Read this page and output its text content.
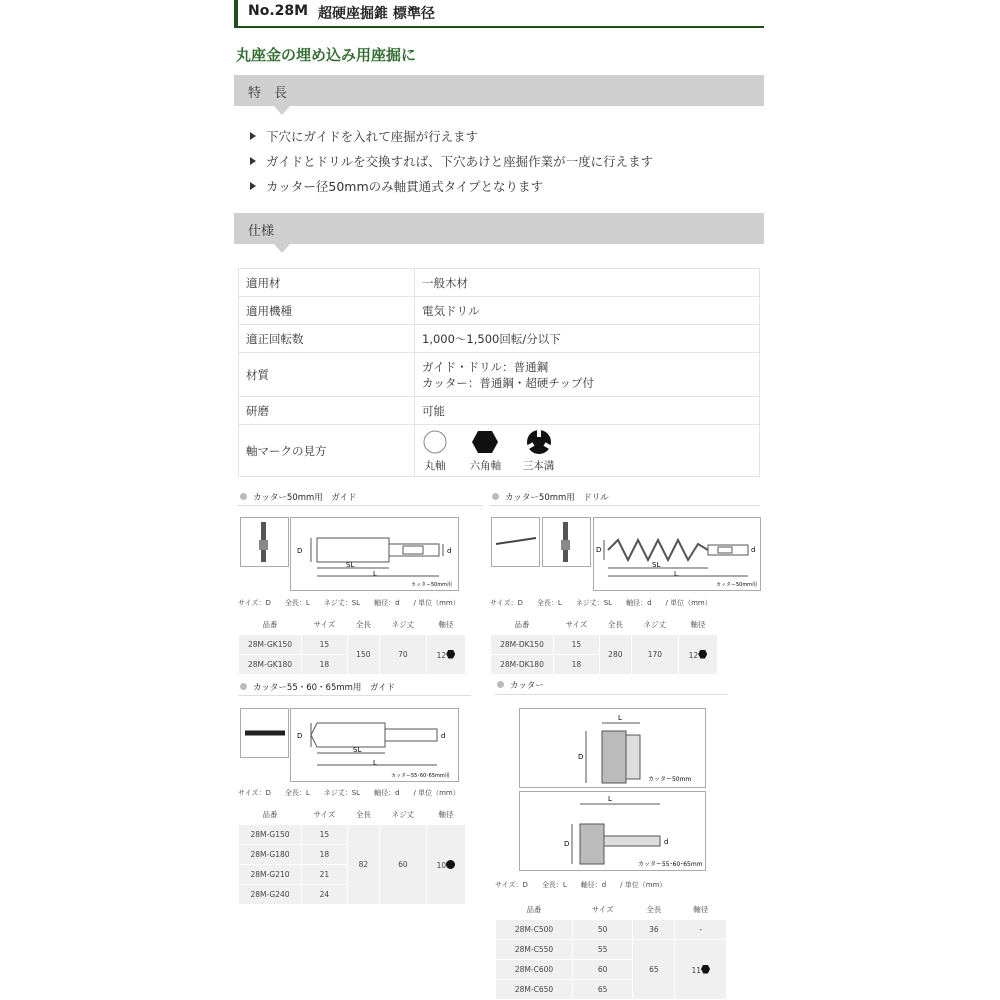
No.28M 超硬座掘錐 標準径
丸座金の埋め込み用座掘に
特　長
下穴にガイドを入れて座掘が行えます
ガイドとドリルを交換すれば、下穴あけと座掘作業が一度に行えます
カッター径50mmのみ軸貫通式タイプとなります
仕様
適用材	一般木材
適用機種	電気ドリル
適正回転数	1,000～1,500回転/分以下
材質	ガイド・ドリル：普通鋼
カッター：普通鋼・超硬チップ付

研磨	可能
軸マークの見方	丸軸
六角軸
三本溝
カッター50mm用　ガイド
D	d
SL
L
カッター50mm用
サイズ：D　　全長：L　　ネジ丈：SL　　軸径：d　　/ 単位（mm）
品番	サイズ	全長	ネジ丈	軸径
28M-GK150	15	150	70	12
28M-GK180	18			
カッター50mm用　ドリル
D	d
SL
L
カッター50mm用
サイズ：D　　全長：L　　ネジ丈：SL　　軸径：d　　/ 単位（mm）
品番	サイズ	全長	ネジ丈	軸径
28M-DK150	15	280	170	12
28M-DK180	18			
カッター55・60・65mm用　ガイド
D	d
SL
L
カッター55･60･65mm用
サイズ：D　　全長：L　　ネジ丈：SL　　軸径：d　　/ 単位（mm）
品番	サイズ	全長	ネジ丈	軸径
28M-G150	15	82	60	10
28M-G180	18			
28M-G210	21			
28M-G240	24			
カッター
L
D
カッター50mm
L
D	d
カッター55･60･65mm
サイズ：D　　全長：L　　軸径：d　　/ 単位（mm）
品番	サイズ	全長	軸径
28M-C500	50	36	-
28M-C550	55	65	11
28M-C600	60		
28M-C650	65		
